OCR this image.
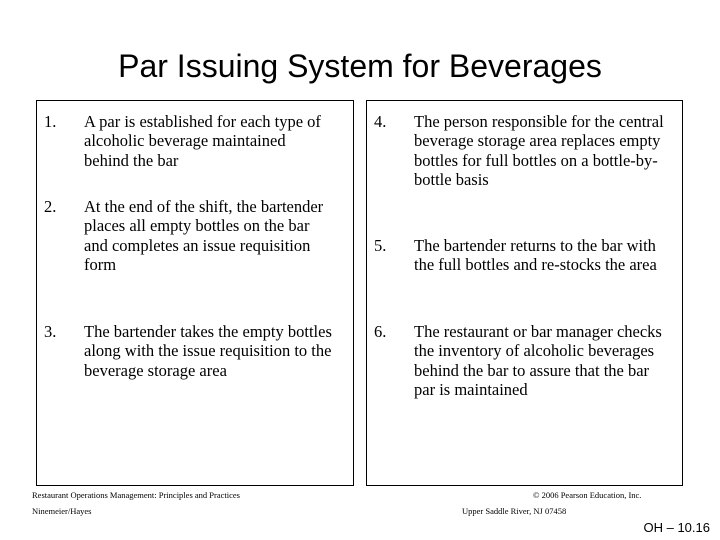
Par Issuing System for Beverages
1. A par is established for each type of alcoholic beverage maintained behind the bar
2. At the end of the shift, the bartender places all empty bottles on the bar and completes an issue requisition form
3. The bartender takes the empty bottles along with the issue requisition to the beverage storage area
4. The person responsible for the central beverage storage area replaces empty bottles for full bottles on a bottle-by-bottle basis
5. The bartender returns to the bar with the full bottles and re-stocks the area
6. The restaurant or bar manager checks the inventory of alcoholic beverages behind the bar to assure that the bar par is maintained
Restaurant Operations Management: Principles and Practices
Ninemeier/Hayes
© 2006 Pearson Education, Inc.
Upper Saddle River, NJ 07458
OH – 10.16
